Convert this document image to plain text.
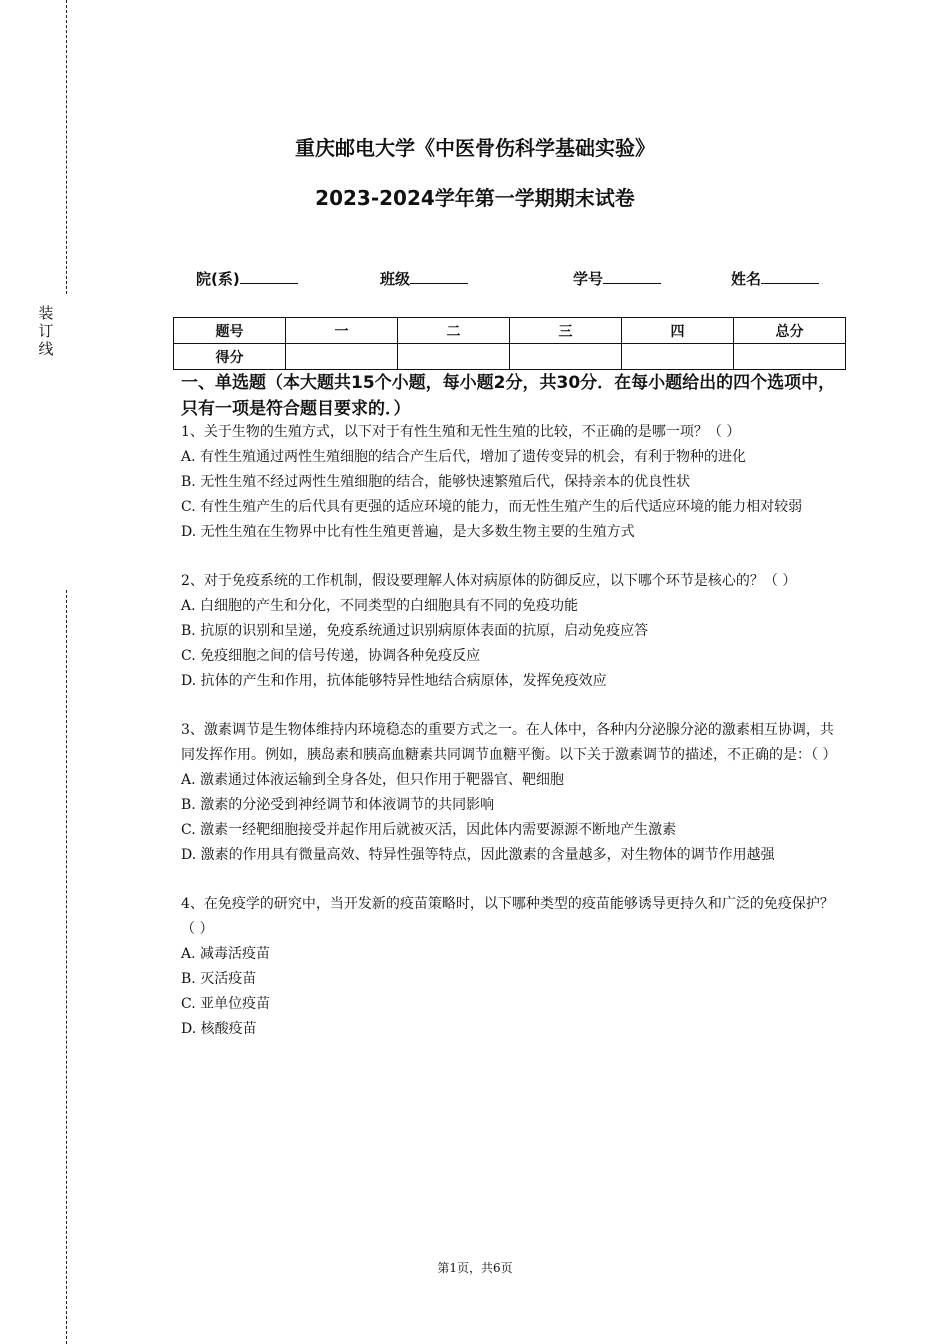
装订线
重庆邮电大学《中医骨伤科学基础实验》
2023-2024学年第一学期期末试卷
院(系)	班级	学号	姓名
题号	一	二	三	四	总分
得分					
一、单选题（本大题共15个小题，每小题2分，共30分．在每小题给出的四个选项中，只有一项是符合题目要求的．）

1、关于生物的生殖方式，以下对于有性生殖和无性生殖的比较，不正确的是哪一项？（ ）

A. 有性生殖通过两性生殖细胞的结合产生后代，增加了遗传变异的机会，有利于物种的进化

B. 无性生殖不经过两性生殖细胞的结合，能够快速繁殖后代，保持亲本的优良性状

C. 有性生殖产生的后代具有更强的适应环境的能力，而无性生殖产生的后代适应环境的能力相对较弱

D. 无性生殖在生物界中比有性生殖更普遍，是大多数生物主要的生殖方式

2、对于免疫系统的工作机制，假设要理解人体对病原体的防御反应，以下哪个环节是核心的？（ ）

A. 白细胞的产生和分化，不同类型的白细胞具有不同的免疫功能

B. 抗原的识别和呈递，免疫系统通过识别病原体表面的抗原，启动免疫应答

C. 免疫细胞之间的信号传递，协调各种免疫反应

D. 抗体的产生和作用，抗体能够特异性地结合病原体，发挥免疫效应

3、激素调节是生物体维持内环境稳态的重要方式之一。在人体中，各种内分泌腺分泌的激素相互协调，共同发挥作用。例如，胰岛素和胰高血糖素共同调节血糖平衡。以下关于激素调节的描述，不正确的是：（ ）

A. 激素通过体液运输到全身各处，但只作用于靶器官、靶细胞

B. 激素的分泌受到神经调节和体液调节的共同影响

C. 激素一经靶细胞接受并起作用后就被灭活，因此体内需要源源不断地产生激素

D. 激素的作用具有微量高效、特异性强等特点，因此激素的含量越多，对生物体的调节作用越强

4、在免疫学的研究中，当开发新的疫苗策略时，以下哪种类型的疫苗能够诱导更持久和广泛的免疫保护？（ ）

A. 减毒活疫苗

B. 灭活疫苗

C. 亚单位疫苗

D. 核酸疫苗

第1页，共6页
